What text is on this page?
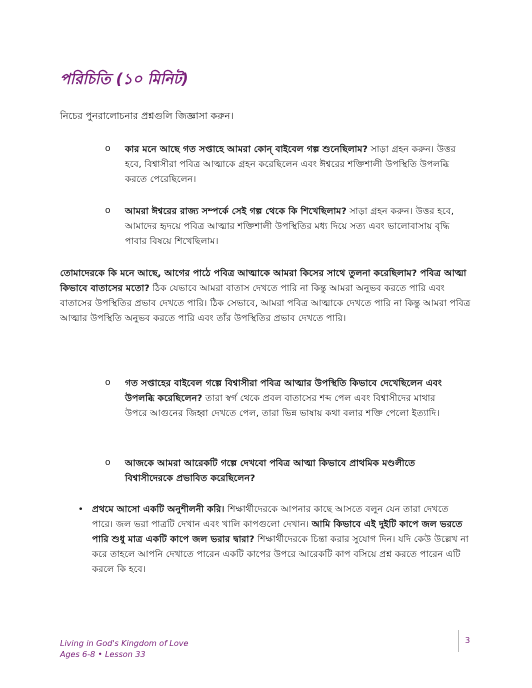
পরিচিতি (১০ মিনিট)
নিচের পুনরালোচনার প্রশ্নগুলি জিজ্ঞাসা করুন।
o কার মনে আছে গত সপ্তাহে আমরা কোন্ বাইবেল গল্প শুনেছিলাম? সাড়া গ্রহন করুন। উত্তর হবে, বিশ্বাসীরা পবিত্র আত্মাকে গ্রহন করেছিলেন এবং ঈশ্বরের শক্তিশালী উপস্থিতি উপলব্ধি করতে পেরেছিলেন।
o আমরা ঈশ্বরের রাজ্য সম্পর্কে সেই গল্প থেকে কি শিখেছিলাম? সাড়া গ্রহন করুন। উত্তর হবে, আমাদের হৃদয়ে পবিত্র আত্মার শক্তিশালী উপস্থিতির মধ্য দিয়ে সত্য এবং ভালোবাসায় বৃদ্ধি পাবার বিষয়ে শিখেছিলাম।
তোমাদেরকে কি মনে আছে, আগের পাঠে পবিত্র আত্মাকে আমরা কিসের সাথে তুলনা করেছিলাম? পবিত্র আত্মা কিভাবে বাতাসের মতো? ঠিক যেভাবে আমরা বাতাস দেখতে পারি না কিন্তু আমরা অনুভব করতে পারি এবং বাতাসের উপস্থিতির প্রভাব দেখতে পারি। ঠিক সেভাবে, আমরা পবিত্র আত্মাকে দেখতে পারি না কিন্তু আমরা পবিত্র আত্মার উপস্থিতি অনুভব করতে পারি এবং তাঁর উপস্থিতির প্রভাব দেখতে পারি।
o গত সপ্তাহের বাইবেল গল্পে বিশ্বাসীরা পবিত্র আত্মার উপস্থিতি কিভাবে দেখেছিলেন এবং উপলব্ধি করেছিলেন? তারা স্বর্গ থেকে প্রবল বাতাসের শব্দ পেল এবং বিশ্বাসীদের মাথার উপরে আগুনের জিহ্বা দেখতে পেল, তারা ভিন্ন ভাষায় কথা বলার শক্তি পেলো ইত্যাদি।
o আজকে আমরা আরেকটি গল্পে দেখবো পবিত্র আত্মা কিভাবে প্রাথমিক মণ্ডলীতে বিশ্বাসীদেরকে প্রভাবিত করেছিলেন?
• প্রথমে আসো একটি অনুশীলনী করি। শিক্ষার্থীদেরকে আপনার কাছে আসতে বলুন যেন তারা দেখতে পারে। জল ভরা পাত্রটি দেখান এবং খালি কাপগুলো দেখান। আমি কিভাবে এই দুইটি কাপে জল ভরতে পারি শুধু মাত্র একটি কাপে জল ভরার দ্বারা? শিক্ষার্থীদেরকে চিন্তা করার সুযোগ দিন। যদি কেউ উল্লেখ না করে তাহলে আপনি দেখাতে পারেন একটি কাপের উপরে আরেকটি কাপ বসিয়ে প্রশ্ন করতে পারেন এটি করলে কি হবে।
Living in God's Kingdom of Love
Ages 6-8 • Lesson 33
3
